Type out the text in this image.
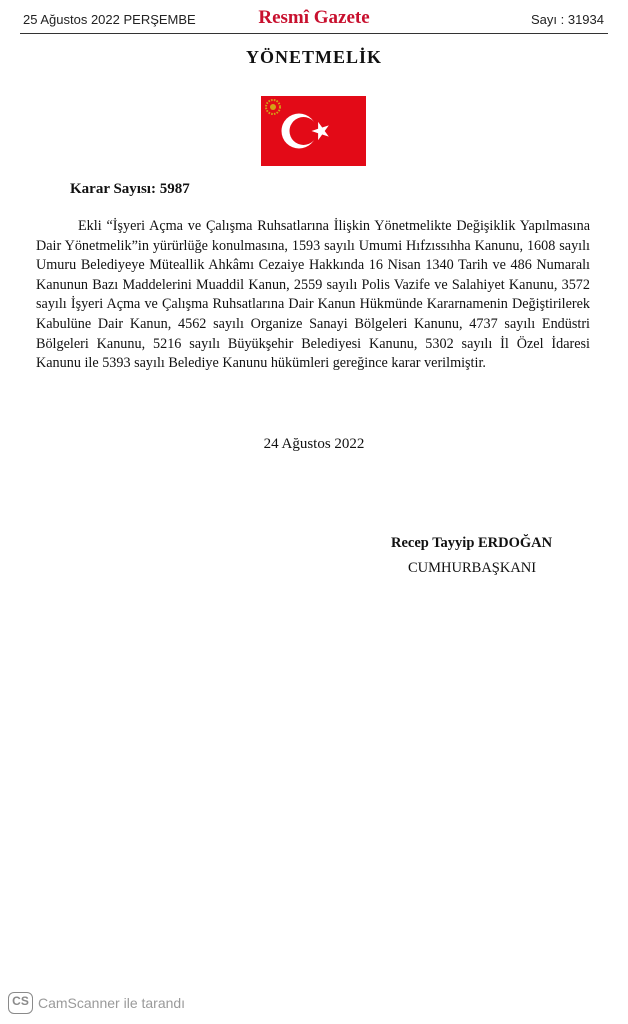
25 Ağustos 2022 PERŞEMBE	Resmî Gazete	Sayı : 31934
YÖNETMELİK
Karar Sayısı: 5987
Ekli “İşyeri Açma ve Çalışma Ruhsatlarına İlişkin Yönetmelikte Değişiklik Yapılmasına Dair Yönetmelik”in yürürlüğe konulmasına, 1593 sayılı Umumi Hıfzıssıhha Kanunu, 1608 sayılı Umuru Belediyeye Müteallik Ahkâmı Cezaiye Hakkında 16 Nisan 1340 Tarih ve 486 Numaralı Kanunun Bazı Maddelerini Muaddil Kanun, 2559 sayılı Polis Vazife ve Salahiyet Kanunu, 3572 sayılı İşyeri Açma ve Çalışma Ruhsatlarına Dair Kanun Hükmünde Kararnamenin Değiştirilerek Kabulüne Dair Kanun, 4562 sayılı Organize Sanayi Bölgeleri Kanunu, 4737 sayılı Endüstri Bölgeleri Kanunu, 5216 sayılı Büyükşehir Belediyesi Kanunu, 5302 sayılı İl Özel İdaresi Kanunu ile 5393 sayılı Belediye Kanunu hükümleri gereğince karar verilmiştir.
24 Ağustos 2022
Recep Tayyip ERDOĞAN
CUMHURBAŞKANI
CS CamScanner ile tarandı
